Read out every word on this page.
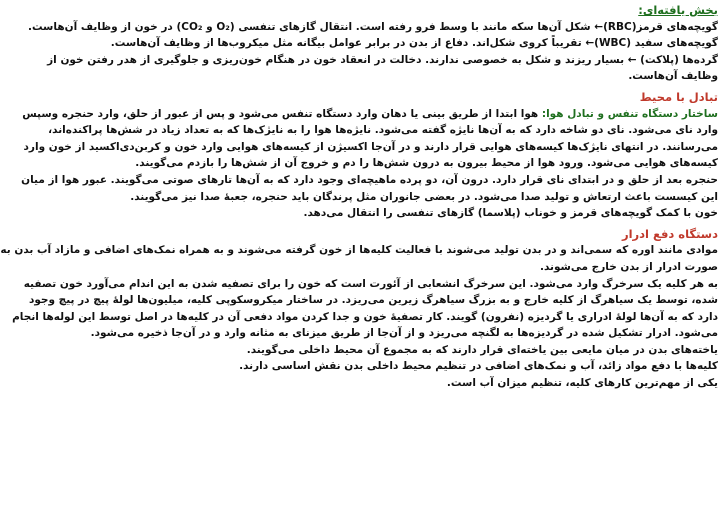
بخش یافته‌ای:
گویچه‌های قرمز(RBC)← شکل آن‌ها سکه مانند با وسط فرو رفته است. انتقال گازهای تنفسی (O₂ و CO₂) در خون از وظایف آن‌هاست.
گویچه‌های سفید (WBC)← تقریباً کروی شکل‌اند. دفاع از بدن در برابر عوامل بیگانه مثل میکروب‌ها از وظایف آن‌هاست.
گرده‌ها (پلاکت) ← بسیار ریزند و شکل به خصوصی ندارند. دخالت در انعقاد خون در هنگام خون‌ریزی و جلوگیری از هدر رفتن خون از
وظایف آن‌هاست.
تبادل با محیط
ساختار دستگاه تنفس و تبادل هوا: هوا ابتدا از طریق بینی یا دهان وارد دستگاه تنفس می‌شود و پس از عبور از حلق، وارد حنجره وسپس
وارد نای می‌شود. نای دو شاخه دارد که به آن‌ها نایژه گفته می‌شود. نایژه‌ها هوا را به نایژک‌ها که به تعداد زیاد در شش‌ها پراکنده‌اند،
می‌رسانند. در انتهای نایژک‌ها کیسه‌های هوایی قرار دارند و در آن‌جا اکسیژن از کیسه‌های هوایی وارد خون و کربن‌دی‌اکسید از خون وارد
کیسه‌های هوایی می‌شود. ورود هوا از محیط بیرون به درون شش‌ها را دم و خروج آن از شش‌ها را بازدم می‌گویند.
حنجره بعد از حلق و در ابتدای نای قرار دارد. درون آن، دو پرده ماهیچه‌ای وجود دارد که به آن‌ها تارهای صوتی می‌گویند. عبور هوا از میان
این کیسست باعث ارتعاش و تولید صدا می‌شود. در بعضی جانوران مثل پرندگان باید حنجره، جعبهٔ صدا نیز می‌گویند.
خون با کمک گویچه‌های قرمز و خوناب (پلاسما) گازهای تنفسی را انتقال می‌دهد.
دستگاه دفع ادرار
موادی مانند اوره که سمی‌اند و در بدن تولید می‌شوند با فعالیت کلیه‌ها از خون گرفته می‌شوند و به همراه نمک‌های اضافی و مازاد آب بدن به
صورت ادرار از بدن خارج می‌شوند.
به هر کلیه یک سرخرگ وارد می‌شود. این سرخرگ انشعابی از آئورت است که خون را برای تصفیه شدن به این اندام می‌آورد خون تصفیه
شده، توسط یک سیاهرگ از کلیه خارج و به بزرگ سیاهرگ زیرین می‌ریزد. در ساختار میکروسکوپی کلیه، میلیون‌ها لولهٔ پیچ در پیچ وجود
دارد که به آن‌ها لولهٔ ادراری یا گردیزه (نفرون) گویند. کار تصفیهٔ خون و جدا کردن مواد دفعی آن در کلیه‌ها در اصل توسط این لوله‌ها انجام
می‌شود. ادرار تشکیل شده در گردیزه‌ها به لگنچه می‌ریزد و از آن‌جا از طریق میزنای به مثانه وارد و در آن‌جا ذخیره می‌شود.
یاخته‌های بدن در میان مایعی بین یاخته‌ای قرار دارند که به مجموع آن محیط داخلی می‌گویند.
کلیه‌ها با دفع مواد زائد، آب و نمک‌های اضافی در تنظیم محیط داخلی بدن نقش اساسی دارند.
یکی از مهم‌ترین کارهای کلیه، تنظیم میزان آب است.
